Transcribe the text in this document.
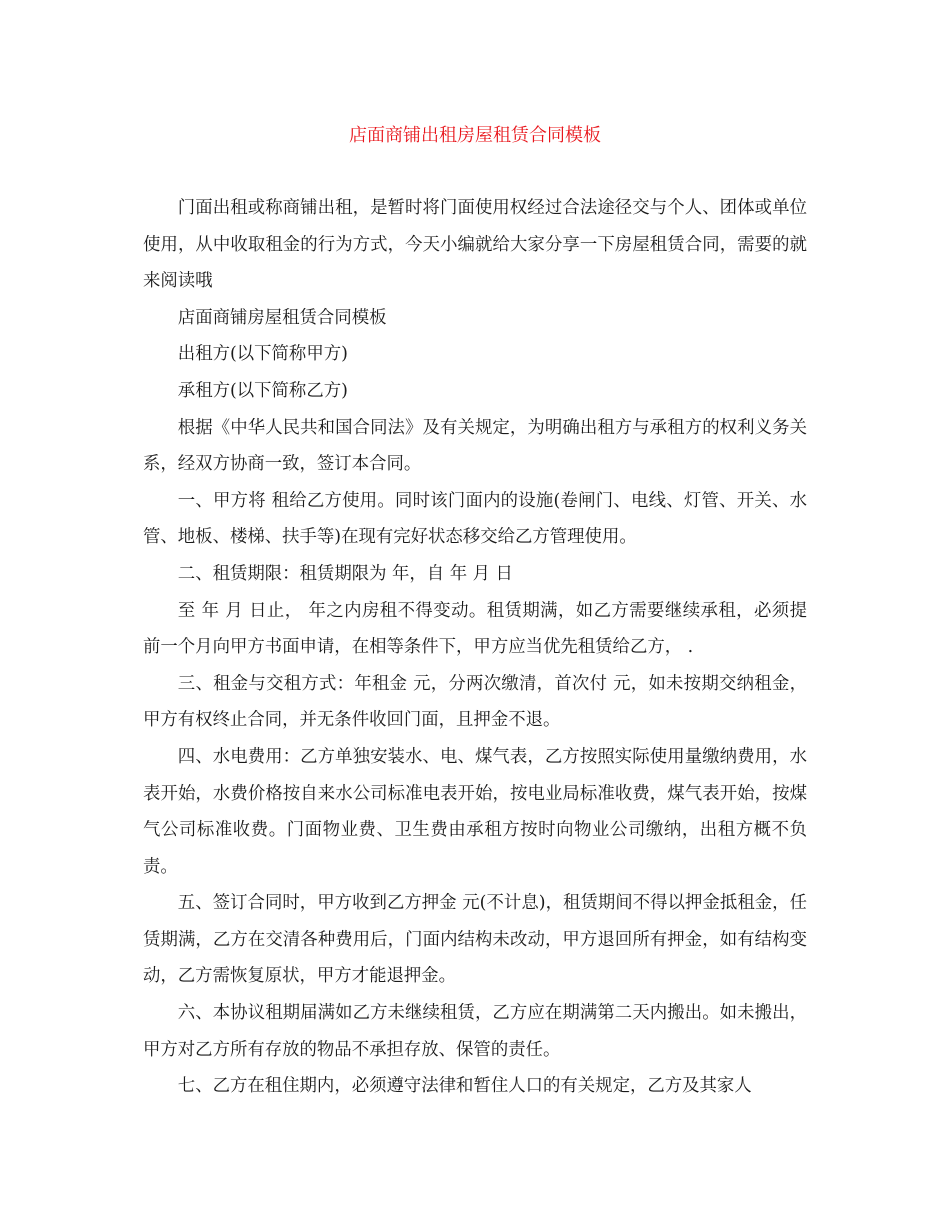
店面商铺出租房屋租赁合同模板

门面出租或称商铺出租，是暂时将门面使用权经过合法途径交与个人、团体或单位使用，从中收取租金的行为方式，今天小编就给大家分享一下房屋租赁合同，需要的就来阅读哦

店面商铺房屋租赁合同模板

出租方(以下简称甲方)

承租方(以下简称乙方)

根据《中华人民共和国合同法》及有关规定，为明确出租方与承租方的权利义务关系，经双方协商一致，签订本合同。

一、甲方将 租给乙方使用。同时该门面内的设施(卷闸门、电线、灯管、开关、水管、地板、楼梯、扶手等)在现有完好状态移交给乙方管理使用。

二、租赁期限：租赁期限为 年，自 年 月 日

至 年 月 日止， 年之内房租不得变动。租赁期满，如乙方需要继续承租，必须提前一个月向甲方书面申请，在相等条件下，甲方应当优先租赁给乙方， .

三、租金与交租方式：年租金 元，分两次缴清，首次付 元，如未按期交纳租金，甲方有权终止合同，并无条件收回门面，且押金不退。

四、水电费用：乙方单独安装水、电、煤气表，乙方按照实际使用量缴纳费用，水表开始，水费价格按自来水公司标准电表开始，按电业局标准收费，煤气表开始，按煤气公司标准收费。门面物业费、卫生费由承租方按时向物业公司缴纳，出租方概不负责。

五、签订合同时，甲方收到乙方押金 元(不计息)，租赁期间不得以押金抵租金，任赁期满，乙方在交清各种费用后，门面内结构未改动，甲方退回所有押金，如有结构变动，乙方需恢复原状，甲方才能退押金。

六、本协议租期届满如乙方未继续租赁，乙方应在期满第二天内搬出。如未搬出，甲方对乙方所有存放的物品不承担存放、保管的责任。

七、乙方在租住期内，必须遵守法律和暂住人口的有关规定，乙方及其家人
